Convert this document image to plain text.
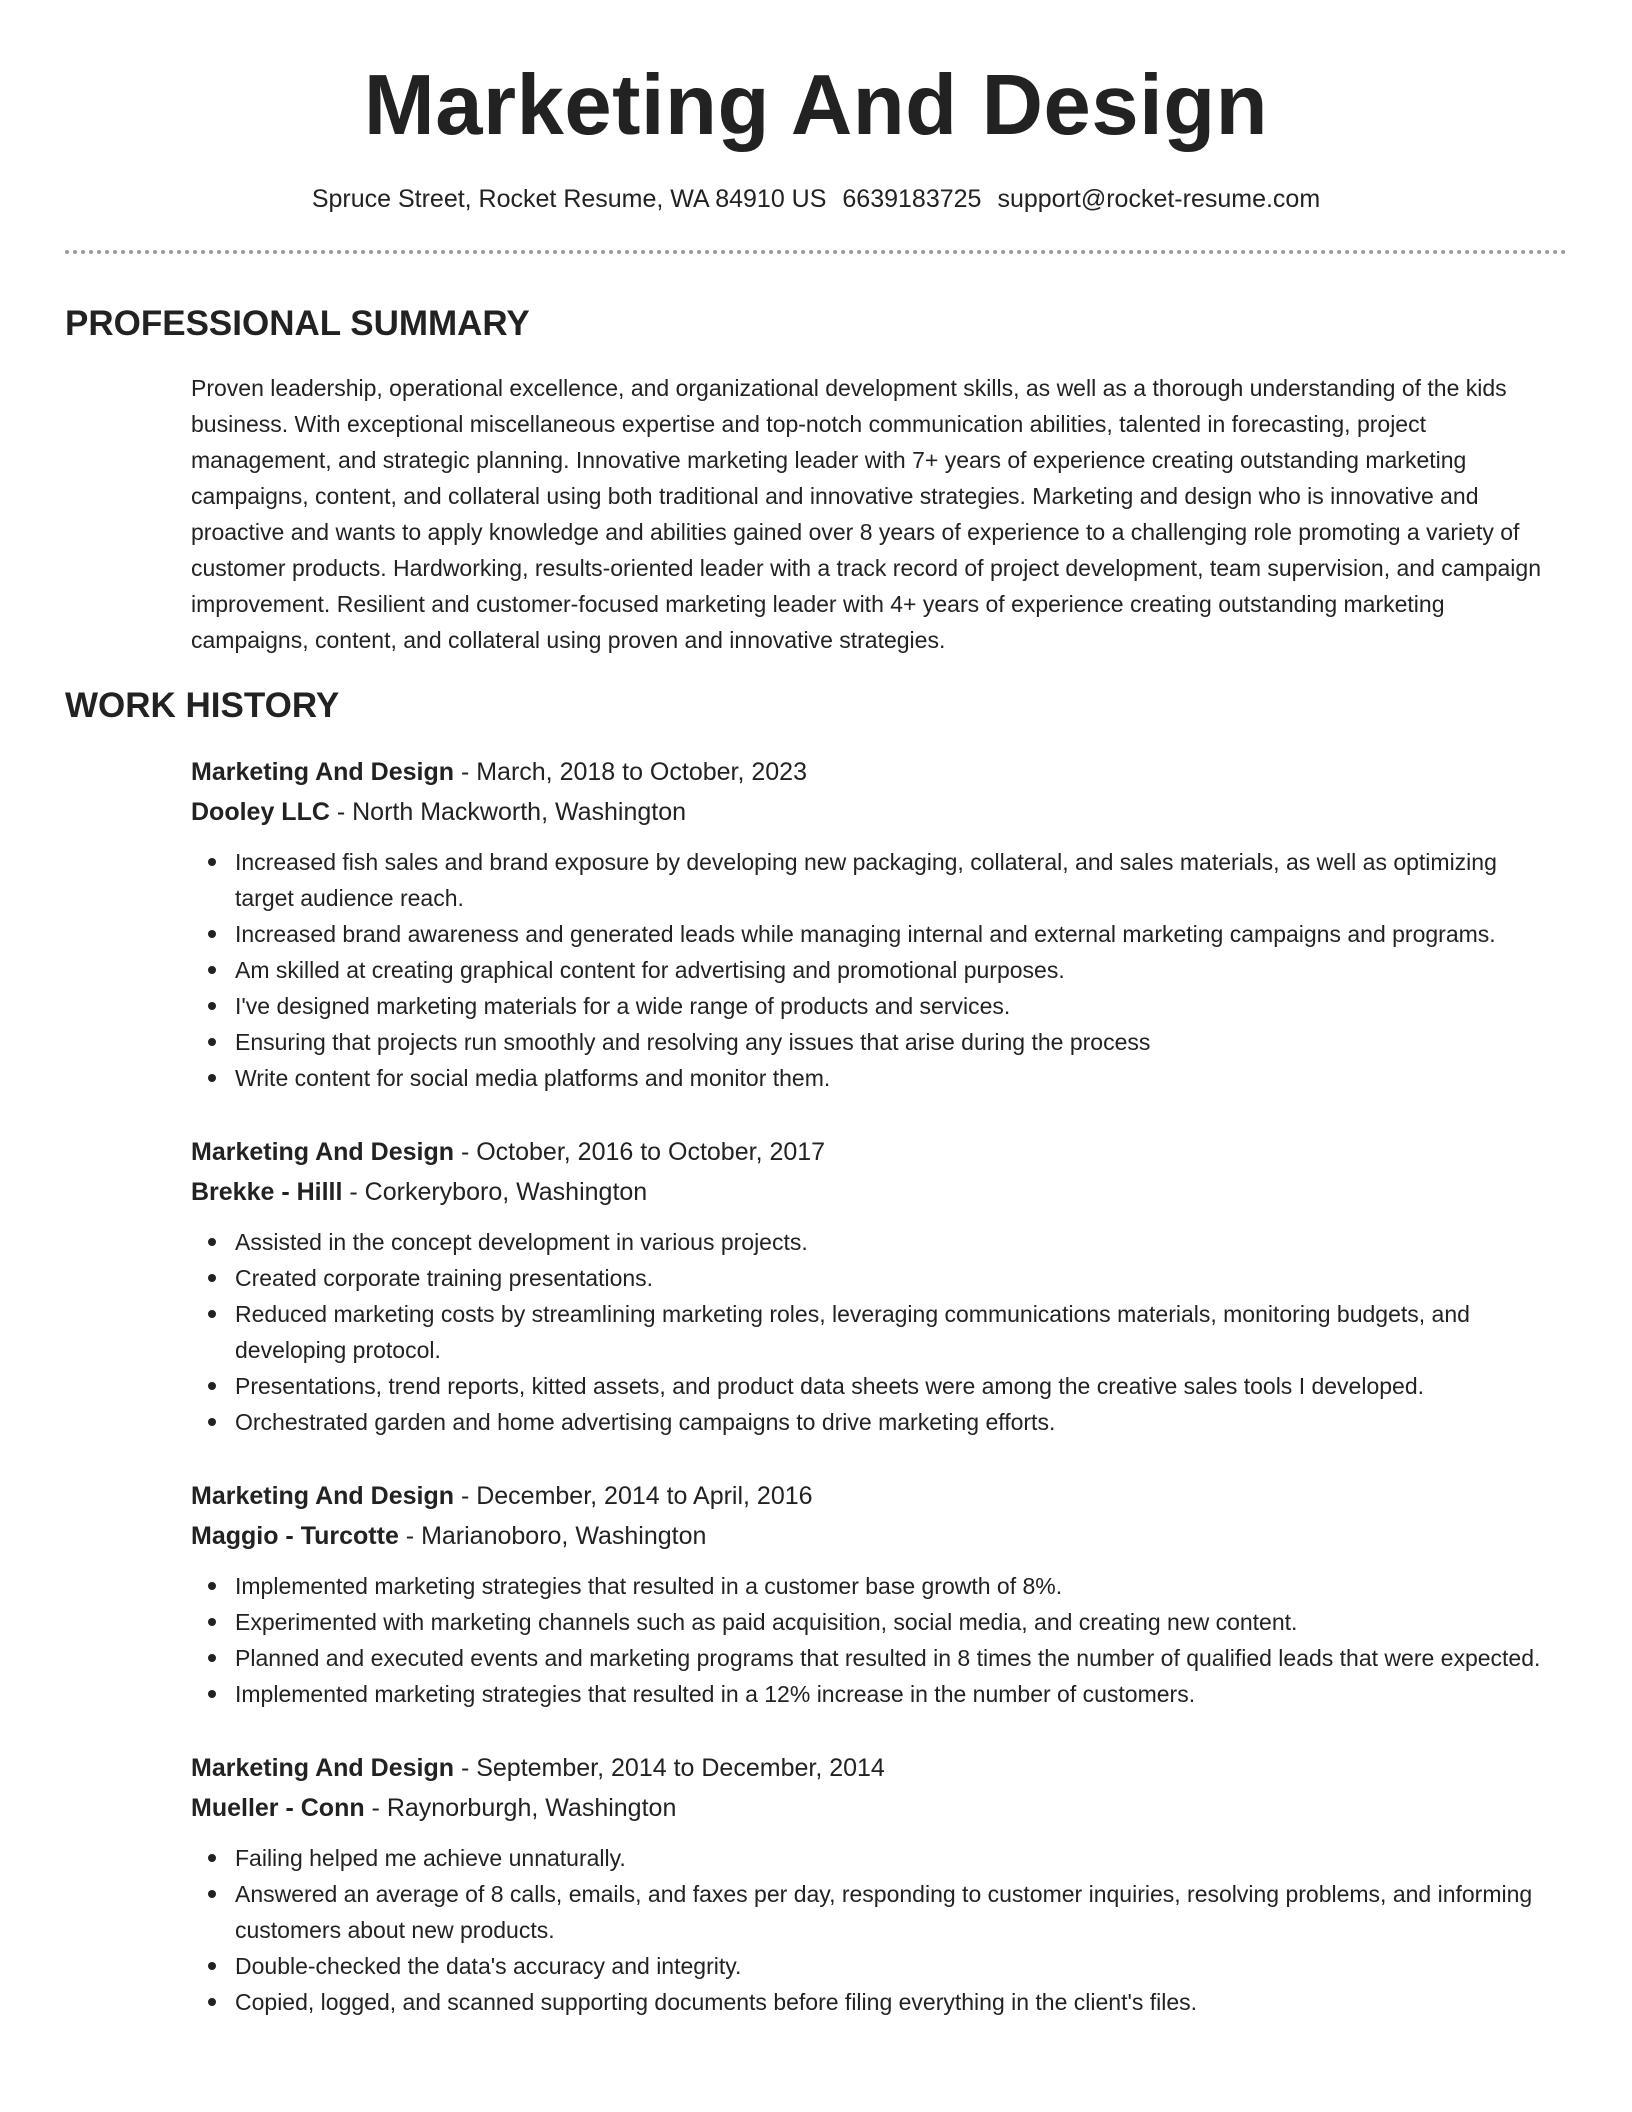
Marketing And Design
Spruce Street, Rocket Resume, WA 84910 US 6639183725 support@rocket-resume.com
PROFESSIONAL SUMMARY

Proven leadership, operational excellence, and organizational development skills, as well as a thorough understanding of the kids business. With exceptional miscellaneous expertise and top-notch communication abilities, talented in forecasting, project management, and strategic planning. Innovative marketing leader with 7+ years of experience creating outstanding marketing campaigns, content, and collateral using both traditional and innovative strategies. Marketing and design who is innovative and proactive and wants to apply knowledge and abilities gained over 8 years of experience to a challenging role promoting a variety of customer products. Hardworking, results-oriented leader with a track record of project development, team supervision, and campaign improvement. Resilient and customer-focused marketing leader with 4+ years of experience creating outstanding marketing campaigns, content, and collateral using proven and innovative strategies.

WORK HISTORY
Marketing And Design - March, 2018 to October, 2023
Dooley LLC - North Mackworth, Washington
Increased fish sales and brand exposure by developing new packaging, collateral, and sales materials, as well as optimizing target audience reach.
Increased brand awareness and generated leads while managing internal and external marketing campaigns and programs.
Am skilled at creating graphical content for advertising and promotional purposes.
I've designed marketing materials for a wide range of products and services.
Ensuring that projects run smoothly and resolving any issues that arise during the process
Write content for social media platforms and monitor them.
Marketing And Design - October, 2016 to October, 2017
Brekke - Hilll - Corkeryboro, Washington
Assisted in the concept development in various projects.
Created corporate training presentations.
Reduced marketing costs by streamlining marketing roles, leveraging communications materials, monitoring budgets, and developing protocol.
Presentations, trend reports, kitted assets, and product data sheets were among the creative sales tools I developed.
Orchestrated garden and home advertising campaigns to drive marketing efforts.
Marketing And Design - December, 2014 to April, 2016
Maggio - Turcotte - Marianoboro, Washington
Implemented marketing strategies that resulted in a customer base growth of 8%.
Experimented with marketing channels such as paid acquisition, social media, and creating new content.
Planned and executed events and marketing programs that resulted in 8 times the number of qualified leads that were expected.
Implemented marketing strategies that resulted in a 12% increase in the number of customers.
Marketing And Design - September, 2014 to December, 2014
Mueller - Conn - Raynorburgh, Washington
Failing helped me achieve unnaturally.
Answered an average of 8 calls, emails, and faxes per day, responding to customer inquiries, resolving problems, and informing customers about new products.
Double-checked the data's accuracy and integrity.
Copied, logged, and scanned supporting documents before filing everything in the client's files.
